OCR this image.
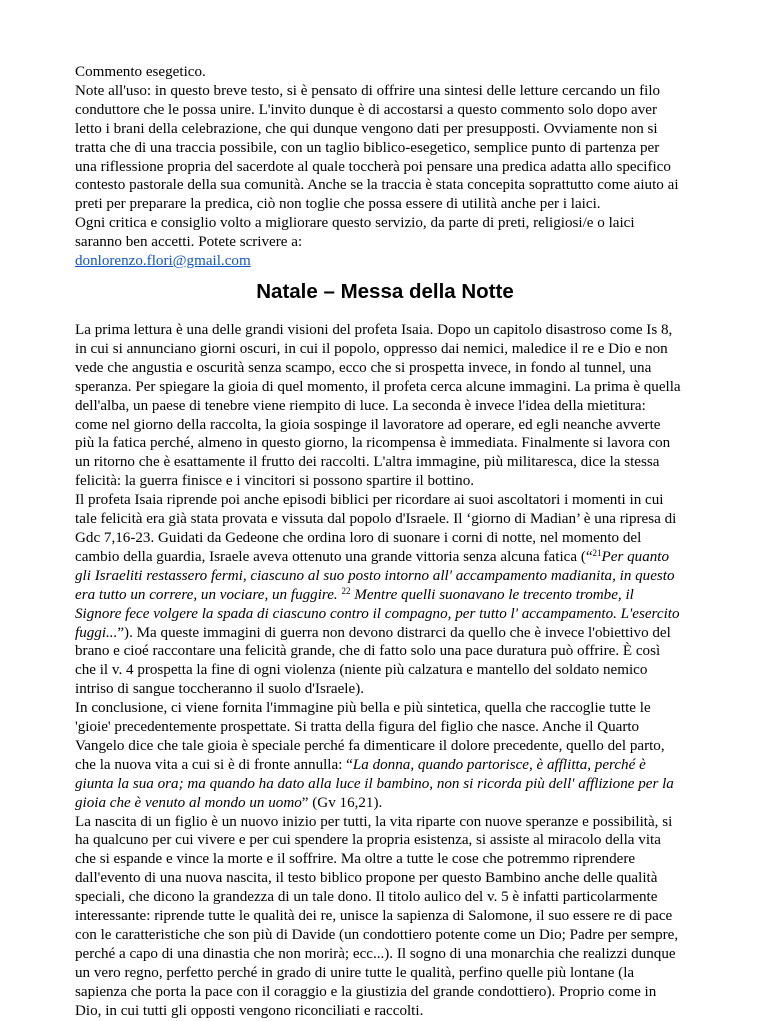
Commento esegetico.

Note all'uso: in questo breve testo, si è pensato di offrire una sintesi delle letture cercando un filo

conduttore che le possa unire. L'invito dunque è di accostarsi a questo commento solo dopo aver

letto i brani della celebrazione, che qui dunque vengono dati per presupposti. Ovviamente non si

tratta che di una traccia possibile, con un taglio biblico-esegetico, semplice punto di partenza per

una riflessione propria del sacerdote al quale toccherà poi pensare una predica adatta allo specifico

contesto pastorale della sua comunità. Anche se la traccia è stata concepita soprattutto come aiuto ai

preti per preparare la predica, ciò non toglie che possa essere di utilità anche per i laici.

Ogni critica e consiglio volto a migliorare questo servizio, da parte di preti, religiosi/e o laici

saranno ben accetti. Potete scrivere a:

donlorenzo.flori@gmail.com

Natale – Messa della Notte

La prima lettura è una delle grandi visioni del profeta Isaia. Dopo un capitolo disastroso come Is 8,

in cui si annunciano giorni oscuri, in cui il popolo, oppresso dai nemici, maledice il re e Dio e non

vede che angustia e oscurità senza scampo, ecco che si prospetta invece, in fondo al tunnel, una

speranza. Per spiegare la gioia di quel momento, il profeta cerca alcune immagini. La prima è quella

dell'alba, un paese di tenebre viene riempito di luce. La seconda è invece l'idea della mietitura:

come nel giorno della raccolta, la gioia sospinge il lavoratore ad operare, ed egli neanche avverte

più la fatica perché, almeno in questo giorno, la ricompensa è immediata. Finalmente si lavora con

un ritorno che è esattamente il frutto dei raccolti. L'altra immagine, più militaresca, dice la stessa

felicità: la guerra finisce e i vincitori si possono spartire il bottino.

Il profeta Isaia riprende poi anche episodi biblici per ricordare ai suoi ascoltatori i momenti in cui

tale felicità era già stata provata e vissuta dal popolo d'Israele. Il ‘giorno di Madian’ è una ripresa di

Gdc 7,16-23. Guidati da Gedeone che ordina loro di suonare i corni di notte, nel momento del

cambio della guardia, Israele aveva ottenuto una grande vittoria senza alcuna fatica (“$^{21}$Per quanto

gli Israeliti restassero fermi, ciascuno al suo posto intorno all' accampamento madianita, in questo

era tutto un correre, un vociare, un fuggire. $^{22}$ Mentre quelli suonavano le trecento trombe, il

Signore fece volgere la spada di ciascuno contro il compagno, per tutto l' accampamento. L'esercito

fuggi...”). Ma queste immagini di guerra non devono distrarci da quello che è invece l'obiettivo del

brano e cioé raccontare una felicità grande, che di fatto solo una pace duratura può offrire. È così

che il v. 4 prospetta la fine di ogni violenza (niente più calzatura e mantello del soldato nemico

intriso di sangue toccheranno il suolo d'Israele).

In conclusione, ci viene fornita l'immagine più bella e più sintetica, quella che raccoglie tutte le

'gioie' precedentemente prospettate. Si tratta della figura del figlio che nasce. Anche il Quarto

Vangelo dice che tale gioia è speciale perché fa dimenticare il dolore precedente, quello del parto,

che la nuova vita a cui si è di fronte annulla: “La donna, quando partorisce, è afflitta, perché è

giunta la sua ora; ma quando ha dato alla luce il bambino, non si ricorda più dell' afflizione per la

gioia che è venuto al mondo un uomo” (Gv 16,21).

La nascita di un figlio è un nuovo inizio per tutti, la vita riparte con nuove speranze e possibilità, si

ha qualcuno per cui vivere e per cui spendere la propria esistenza, si assiste al miracolo della vita

che si espande e vince la morte e il soffrire. Ma oltre a tutte le cose che potremmo riprendere

dall'evento di una nuova nascita, il testo biblico propone per questo Bambino anche delle qualità

speciali, che dicono la grandezza di un tale dono. Il titolo aulico del v. 5 è infatti particolarmente

interessante: riprende tutte le qualità dei re, unisce la sapienza di Salomone, il suo essere re di pace

con le caratteristiche che son più di Davide (un condottiero potente come un Dio; Padre per sempre,

perché a capo di una dinastia che non morirà; ecc...). Il sogno di una monarchia che realizzi dunque

un vero regno, perfetto perché in grado di unire tutte le qualità, perfino quelle più lontane (la

sapienza che porta la pace con il coraggio e la giustizia del grande condottiero). Proprio come in

Dio, in cui tutti gli opposti vengono riconciliati e raccolti.
